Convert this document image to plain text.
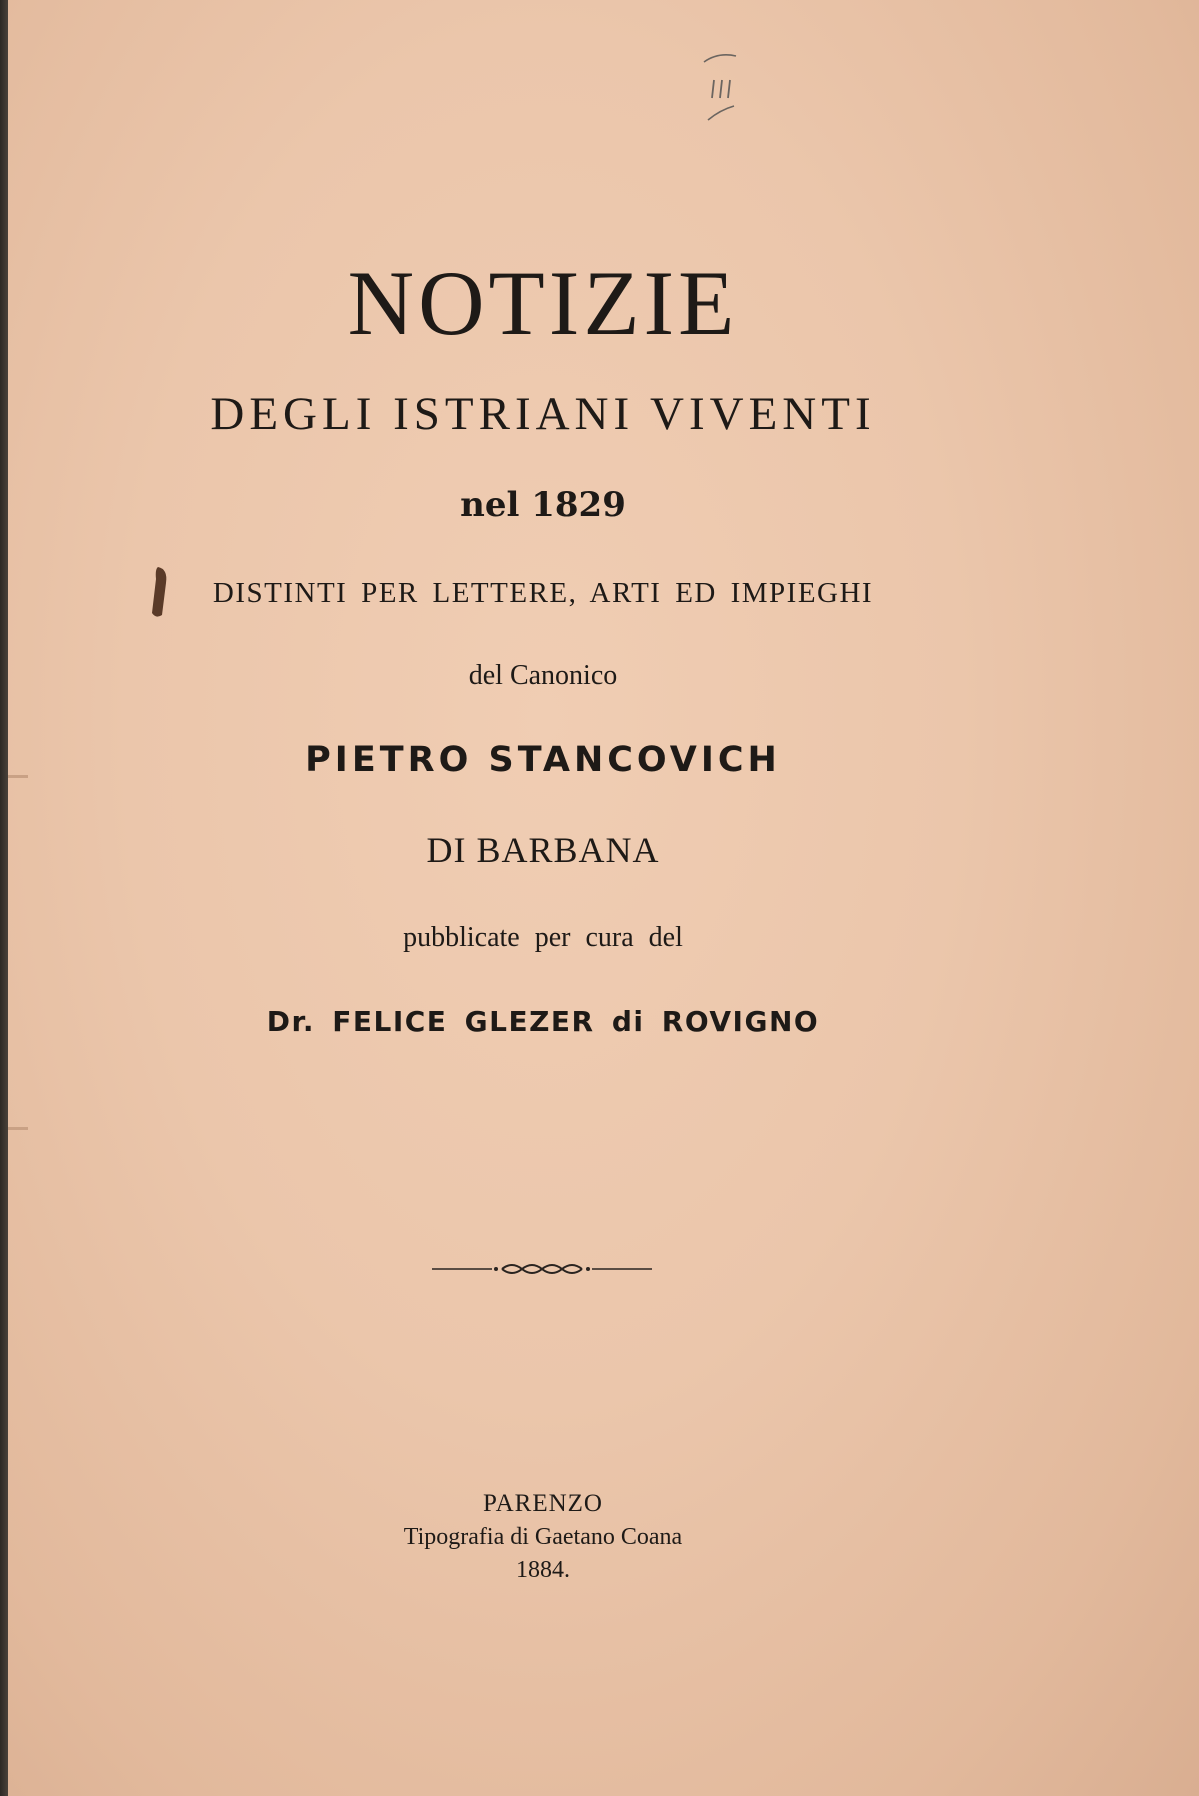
NOTIZIE
DEGLI ISTRIANI VIVENTI
nel 1829
DISTINTI PER LETTERE, ARTI ED IMPIEGHI
del Canonico
PIETRO STANCOVICH
DI BARBANA
pubblicate per cura del
Dr. FELICE GLEZER di ROVIGNO
PARENZO
Tipografia di Gaetano Coana
1884.
